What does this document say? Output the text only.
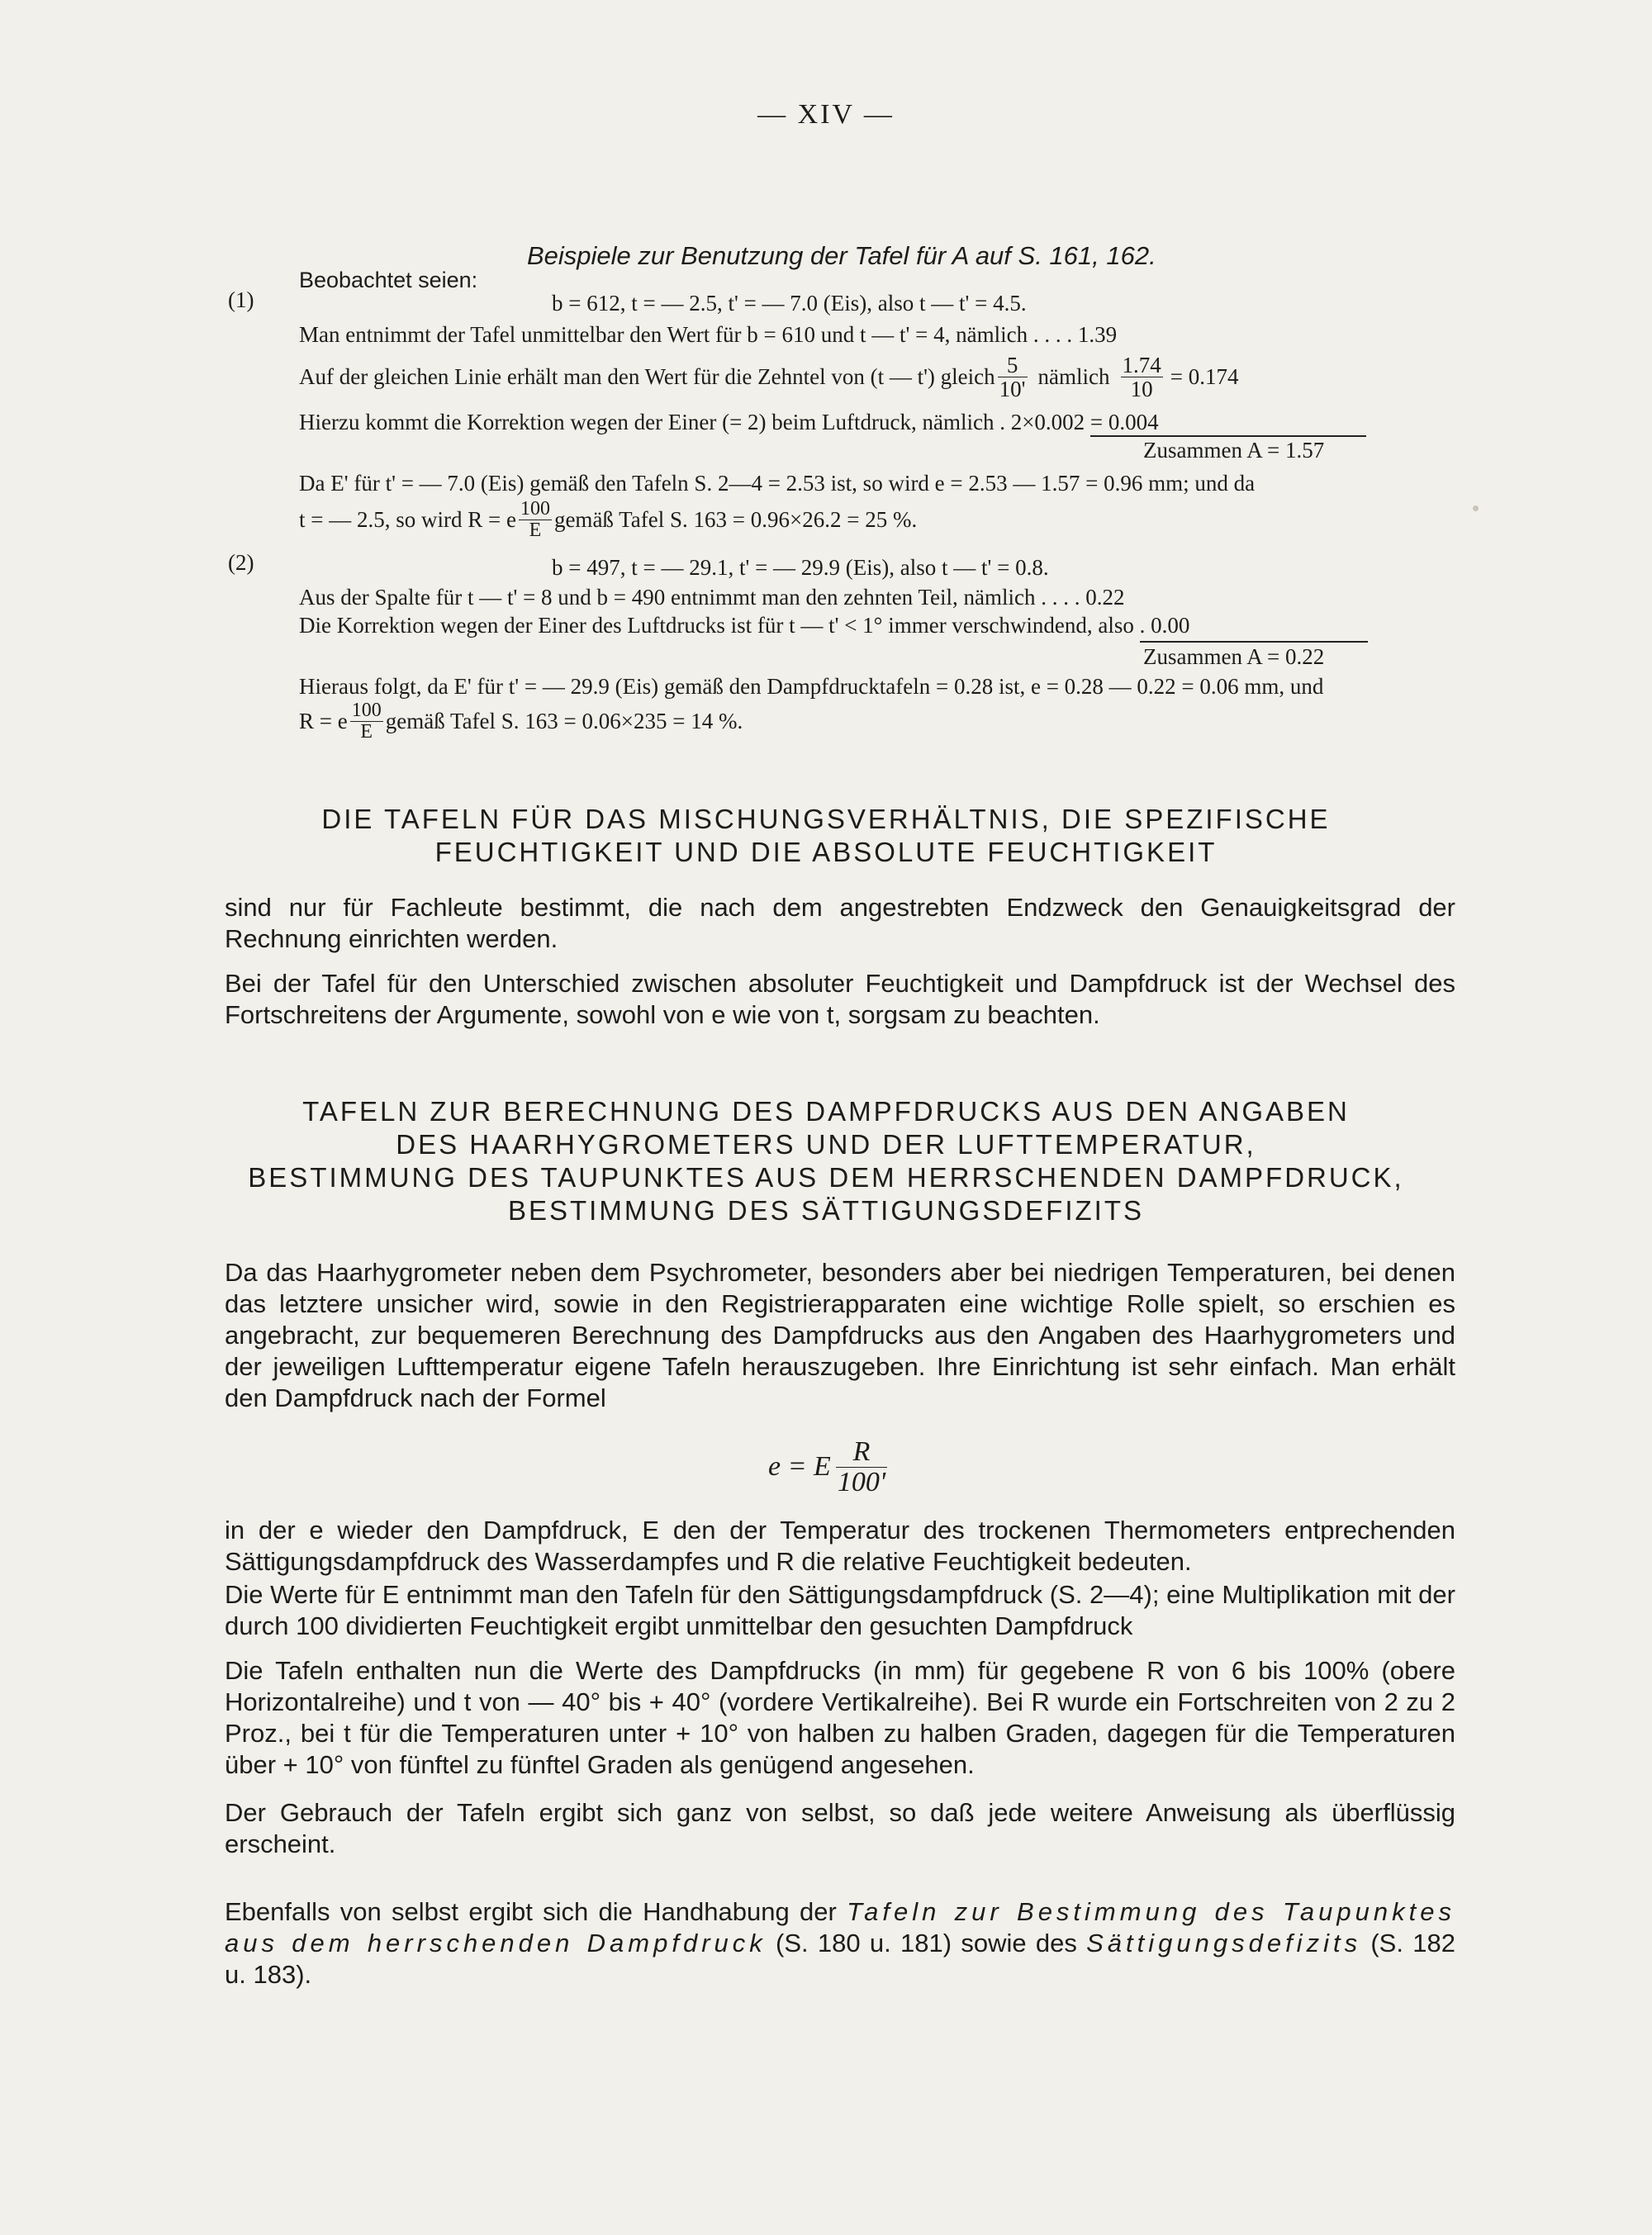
— XIV —
Beispiele zur Benutzung der Tafel für A auf S. 161, 162.
Beobachtet seien:
(1)	b = 612, t = — 2.5, t' = — 7.0 (Eis), also t — t' = 4.5.
Man entnimmt der Tafel unmittelbar den Wert für b = 610 und t — t' = 4, nämlich . . . . 1.39
Auf der gleichen Linie erhält man den Wert für die Zehntel von (t — t') gleich $\frac{5}{10'}$ nämlich $\frac{1.74}{10} = 0.174$
Hierzu kommt die Korrektion wegen der Einer (= 2) beim Luftdruck, nämlich . 2×0.002 = 0.004
Zusammen A = 1.57
Da E' für t' = — 7.0 (Eis) gemäß den Tafeln S. 2—4 = 2.53 ist, so wird e = 2.53 — 1.57 = 0.96 mm; und da
t = — 2.5, so wird R = e $\frac{100}{E}$ gemäß Tafel S. 163 = 0.96×26.2 = 25 %.
(2)	b = 497, t = — 29.1, t' = — 29.9 (Eis), also t — t' = 0.8.
Aus der Spalte für t — t' = 8 und b = 490 entnimmt man den zehnten Teil, nämlich . . . . 0.22
Die Korrektion wegen der Einer des Luftdrucks ist für t — t' < 1° immer verschwindend, also . 0.00
Zusammen A = 0.22
Hieraus folgt, da E' für t' = — 29.9 (Eis) gemäß den Dampfdrucktafeln = 0.28 ist, e = 0.28 — 0.22 = 0.06 mm, und
R = e $\frac{100}{E}$ gemäß Tafel S. 163 = 0.06×235 = 14 %.
DIE TAFELN FÜR DAS MISCHUNGSVERHÄLTNIS, DIE SPEZIFISCHE
FEUCHTIGKEIT UND DIE ABSOLUTE FEUCHTIGKEIT
sind nur für Fachleute bestimmt, die nach dem angestrebten Endzweck den Genauigkeitsgrad der Rechnung einrichten werden.
Bei der Tafel für den Unterschied zwischen absoluter Feuchtigkeit und Dampfdruck ist der Wechsel des Fortschreitens der Argumente, sowohl von e wie von t, sorgsam zu beachten.
TAFELN ZUR BERECHNUNG DES DAMPFDRUCKS AUS DEN ANGABEN
DES HAARHYGROMETERS UND DER LUFTTEMPERATUR,
BESTIMMUNG DES TAUPUNKTES AUS DEM HERRSCHENDEN DAMPFDRUCK,
BESTIMMUNG DES SÄTTIGUNGSDEFIZITS
Da das Haarhygrometer neben dem Psychrometer, besonders aber bei niedrigen Temperaturen, bei denen das letztere unsicher wird, sowie in den Registrierapparaten eine wichtige Rolle spielt, so erschien es angebracht, zur bequemeren Berechnung des Dampfdrucks aus den Angaben des Haarhygrometers und der jeweiligen Lufttemperatur eigene Tafeln herauszugeben. Ihre Einrichtung ist sehr einfach. Man erhält den Dampfdruck nach der Formel
e = E $\frac{R}{100'}$
in der e wieder den Dampfdruck, E den der Temperatur des trockenen Thermometers entprechenden Sättigungsdampfdruck des Wasserdampfes und R die relative Feuchtigkeit bedeuten.
Die Werte für E entnimmt man den Tafeln für den Sättigungsdampfdruck (S. 2—4); eine Multiplikation mit der durch 100 dividierten Feuchtigkeit ergibt unmittelbar den gesuchten Dampfdruck
Die Tafeln enthalten nun die Werte des Dampfdrucks (in mm) für gegebene R von 6 bis 100% (obere Horizontalreihe) und t von — 40° bis + 40° (vordere Vertikalreihe). Bei R wurde ein Fortschreiten von 2 zu 2 Proz., bei t für die Temperaturen unter + 10° von halben zu halben Graden, dagegen für die Temperaturen über + 10° von fünftel zu fünftel Graden als genügend angesehen.
Der Gebrauch der Tafeln ergibt sich ganz von selbst, so daß jede weitere Anweisung als überflüssig erscheint.
Ebenfalls von selbst ergibt sich die Handhabung der Tafeln zur Bestimmung des Taupunktes aus dem herrschenden Dampfdruck (S. 180 u. 181) sowie des Sättigungsdefizits (S. 182 u. 183).
